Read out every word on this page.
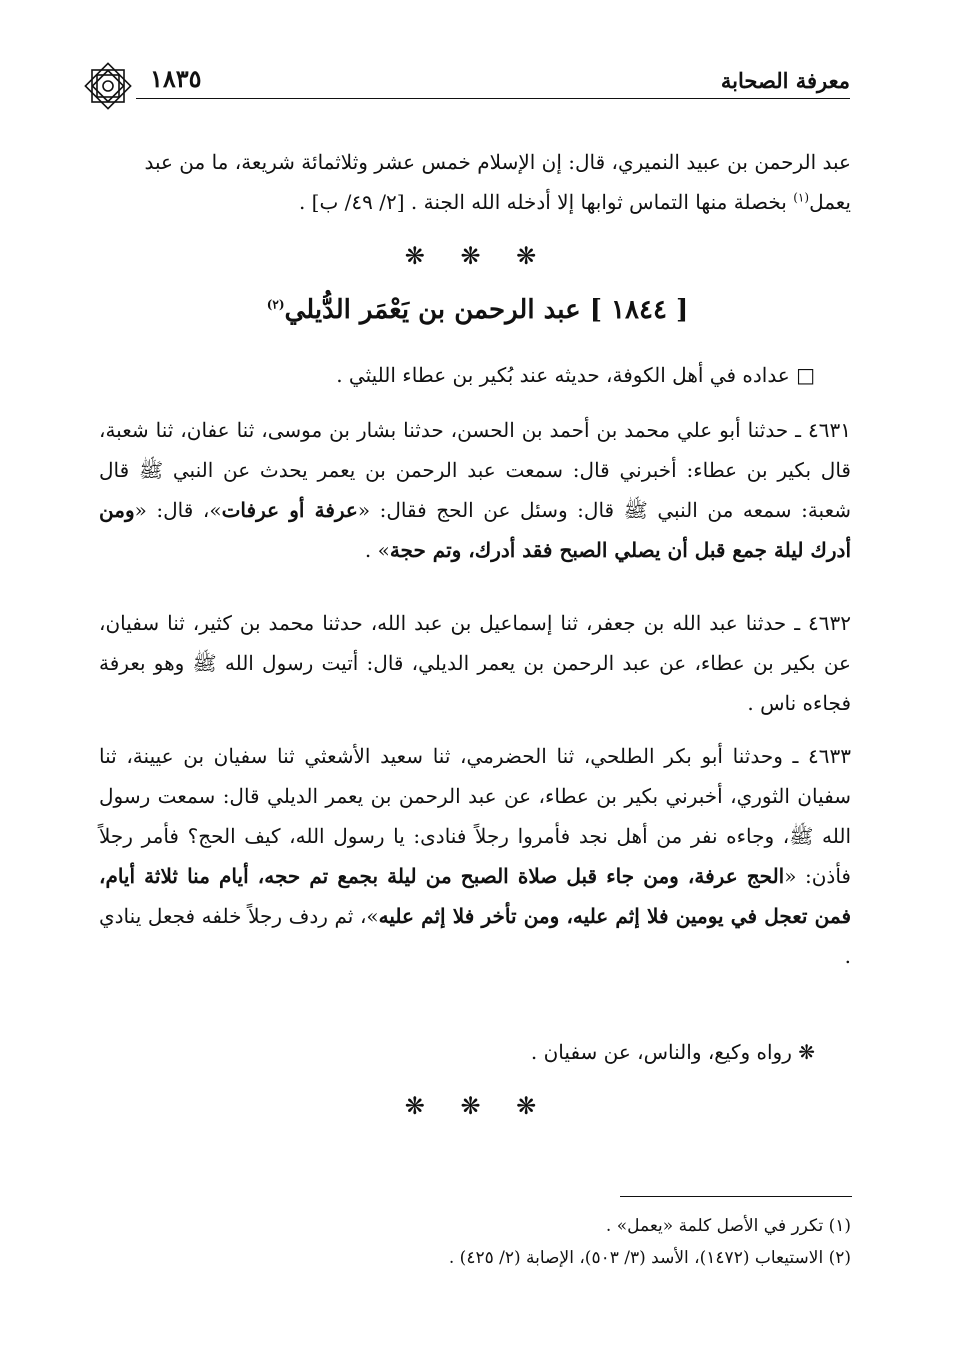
معرفة الصحابة
١٨٣٥

عبد الرحمن بن عبيد النميري، قال: إن الإسلام خمس عشر وثلاثمائة شريعة، ما من عبد
يعمل$^{(١)}$ بخصلة منها التماس ثوابها إلا أدخله الله الجنة . [٢/ ٤٩/ ب] .

❋ ❋ ❋
[ ١٨٤٤ ] عبد الرحمن بن يَعْمَر الدُّيلي$^{(٢)}$

□ عداده في أهل الكوفة، حديثه عند بُكير بن عطاء الليثي .

٤٦٣١ ـ حدثنا أبو علي محمد بن أحمد بن الحسن، حدثنا بشار بن موسى، ثنا عفان، ثنا شعبة، قال بكير بن عطاء: أخبرني قال: سمعت عبد الرحمن بن يعمر يحدث عن النبي ﷺ قال شعبة: سمعه من النبي ﷺ قال: وسئل عن الحج فقال: «عرفة أو عرفات»، قال: «ومن أدرك ليلة جمع قبل أن يصلي الصبح فقد أدرك، وتم حجة» .

٤٦٣٢ ـ حدثنا عبد الله بن جعفر، ثنا إسماعيل بن عبد الله، حدثنا محمد بن كثير، ثنا سفيان، عن بكير بن عطاء، عن عبد الرحمن بن يعمر الديلي، قال: أتيت رسول الله ﷺ وهو بعرفة فجاءه ناس .

٤٦٣٣ ـ وحدثنا أبو بكر الطلحي، ثنا الحضرمي، ثنا سعيد الأشعثي ثنا سفيان بن عيينة، ثنا سفيان الثوري، أخبرني بكير بن عطاء، عن عبد الرحمن بن يعمر الديلي قال: سمعت رسول الله ﷺ، وجاءه نفر من أهل نجد فأمروا رجلاً فنادى: يا رسول الله، كيف الحج؟ فأمر رجلاً فأذن: «الحج عرفة، ومن جاء قبل صلاة الصبح من ليلة بجمع تم حجه، أيام منا ثلاثة أيام، فمن تعجل في يومين فلا إثم عليه، ومن تأخر فلا إثم عليه»، ثم ردف رجلاً خلفه فجعل ينادي .

❋ رواه وكيع، والناس، عن سفيان .

❋ ❋ ❋

(١) تكرر في الأصل كلمة «يعمل» .

(٢) الاستيعاب (١٤٧٢)، الأسد (٣/ ٥٠٣)، الإصابة (٢/ ٤٢٥) .
